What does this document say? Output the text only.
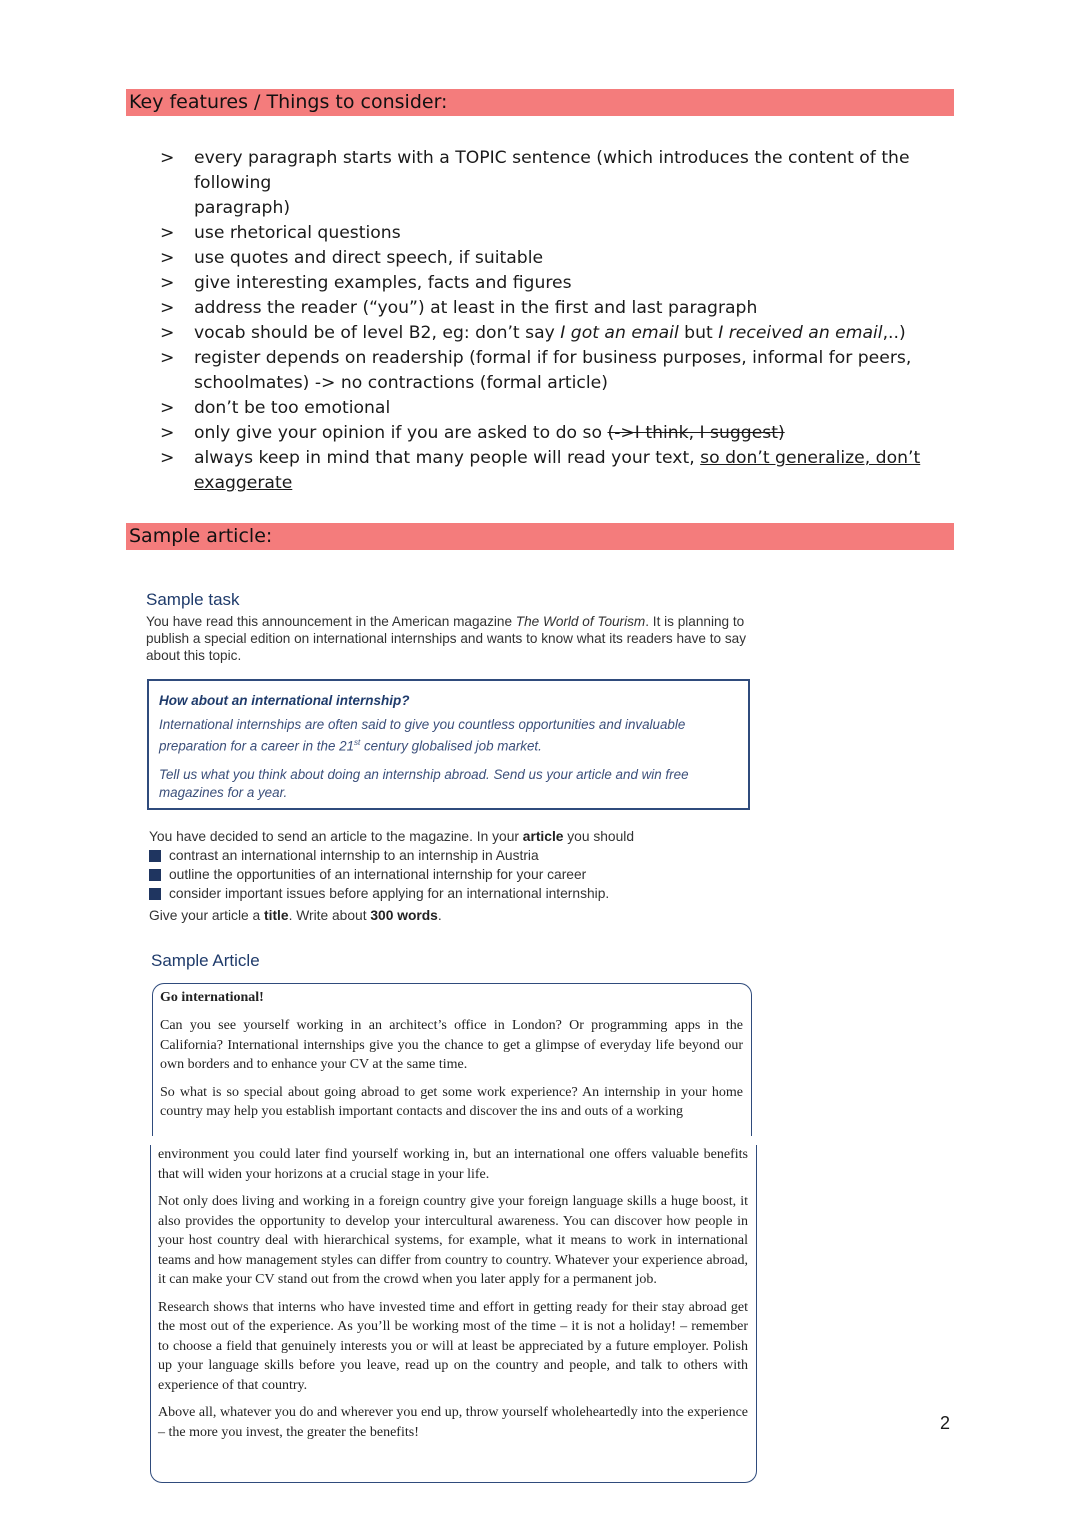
Key features / Things to consider:
> every paragraph starts with a TOPIC sentence (which introduces the content of the following
paragraph)
> use rhetorical questions
> use quotes and direct speech, if suitable
> give interesting examples, facts and figures
> address the reader (“you”) at least in the first and last paragraph
> vocab should be of level B2, eg: don’t say I got an email but I received an email,..)
> register depends on readership (formal if for business purposes, informal for peers,
schoolmates) -> no contractions (formal article)
> don’t be too emotional
> only give your opinion if you are asked to do so (->I think, I suggest)
> always keep in mind that many people will read your text, so don’t generalize, don’t
exaggerate
Sample article:
Sample task
You have read this announcement in the American magazine The World of Tourism. It is planning to publish a special edition on international internships and wants to know what its readers have to say about this topic.
How about an international internship?

International internships are often said to give you countless opportunities and invaluable preparation for a career in the 21st century globalised job market.

Tell us what you think about doing an internship abroad. Send us your article and win free magazines for a year.

You have decided to send an article to the magazine. In your article you should
contrast an international internship to an internship in Austria
outline the opportunities of an international internship for your career
consider important issues before applying for an international internship.
Give your article a title. Write about 300 words.
Sample Article
Go international!

Can you see yourself working in an architect’s office in London? Or programming apps in the California? International internships give you the chance to get a glimpse of everyday life beyond our own borders and to enhance your CV at the same time.

So what is so special about going abroad to get some work experience? An internship in your home country may help you establish important contacts and discover the ins and outs of a working

environment you could later find yourself working in, but an international one offers valuable benefits that will widen your horizons at a crucial stage in your life.

Not only does living and working in a foreign country give your foreign language skills a huge boost, it also provides the opportunity to develop your intercultural awareness. You can discover how people in your host country deal with hierarchical systems, for example, what it means to work in international teams and how management styles can differ from country to country. Whatever your experience abroad, it can make your CV stand out from the crowd when you later apply for a permanent job.

Research shows that interns who have invested time and effort in getting ready for their stay abroad get the most out of the experience. As you’ll be working most of the time – it is not a holiday! – remember to choose a field that genuinely interests you or will at least be appreciated by a future employer. Polish up your language skills before you leave, read up on the country and people, and talk to others with experience of that country.

Above all, whatever you do and wherever you end up, throw yourself wholeheartedly into the experience – the more you invest, the greater the benefits!	2
